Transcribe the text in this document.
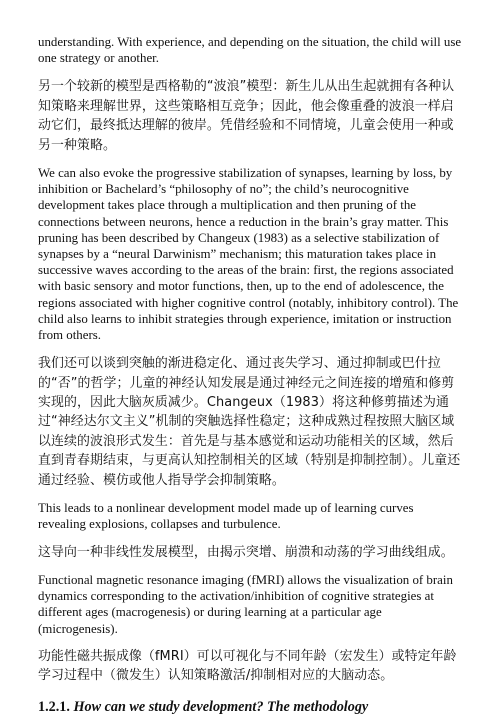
understanding. With experience, and depending on the situation, the child will use one strategy or another.

另一个较新的模型是西格勒的“波浪”模型：新生儿从出生起就拥有各种认知策略来理解世界，这些策略相互竞争；因此，他会像重叠的波浪一样启动它们，最终抵达理解的彼岸。凭借经验和不同情境，儿童会使用一种或另一种策略。

We can also evoke the progressive stabilization of synapses, learning by loss, by inhibition or Bachelard’s “philosophy of no”; the child’s neurocognitive development takes place through a multiplication and then pruning of the connections between neurons, hence a reduction in the brain’s gray matter. This pruning has been described by Changeux (1983) as a selective stabilization of synapses by a “neural Darwinism” mechanism; this maturation takes place in successive waves according to the areas of the brain: first, the regions associated with basic sensory and motor functions, then, up to the end of adolescence, the regions associated with higher cognitive control (notably, inhibitory control). The child also learns to inhibit strategies through experience, imitation or instruction from others.

我们还可以谈到突触的渐进稳定化、通过丧失学习、通过抑制或巴什拉的“否”的哲学；儿童的神经认知发展是通过神经元之间连接的增殖和修剪实现的，因此大脑灰质减少。Changeux（1983）将这种修剪描述为通过“神经达尔文主义”机制的突触选择性稳定；这种成熟过程按照大脑区域以连续的波浪形式发生：首先是与基本感觉和运动功能相关的区域，然后直到青春期结束，与更高认知控制相关的区域（特别是抑制控制）。儿童还通过经验、模仿或他人指导学会抑制策略。

This leads to a nonlinear development model made up of learning curves revealing explosions, collapses and turbulence.

这导向一种非线性发展模型，由揭示突增、崩溃和动荡的学习曲线组成。

Functional magnetic resonance imaging (fMRI) allows the visualization of brain dynamics corresponding to the activation/inhibition of cognitive strategies at different ages (macrogenesis) or during learning at a particular age (microgenesis).

功能性磁共振成像（fMRI）可以可视化与不同年龄（宏发生）或特定年龄学习过程中（微发生）认知策略激活/抑制相对应的大脑动态。

1.2.1. How can we study development? The methodology
